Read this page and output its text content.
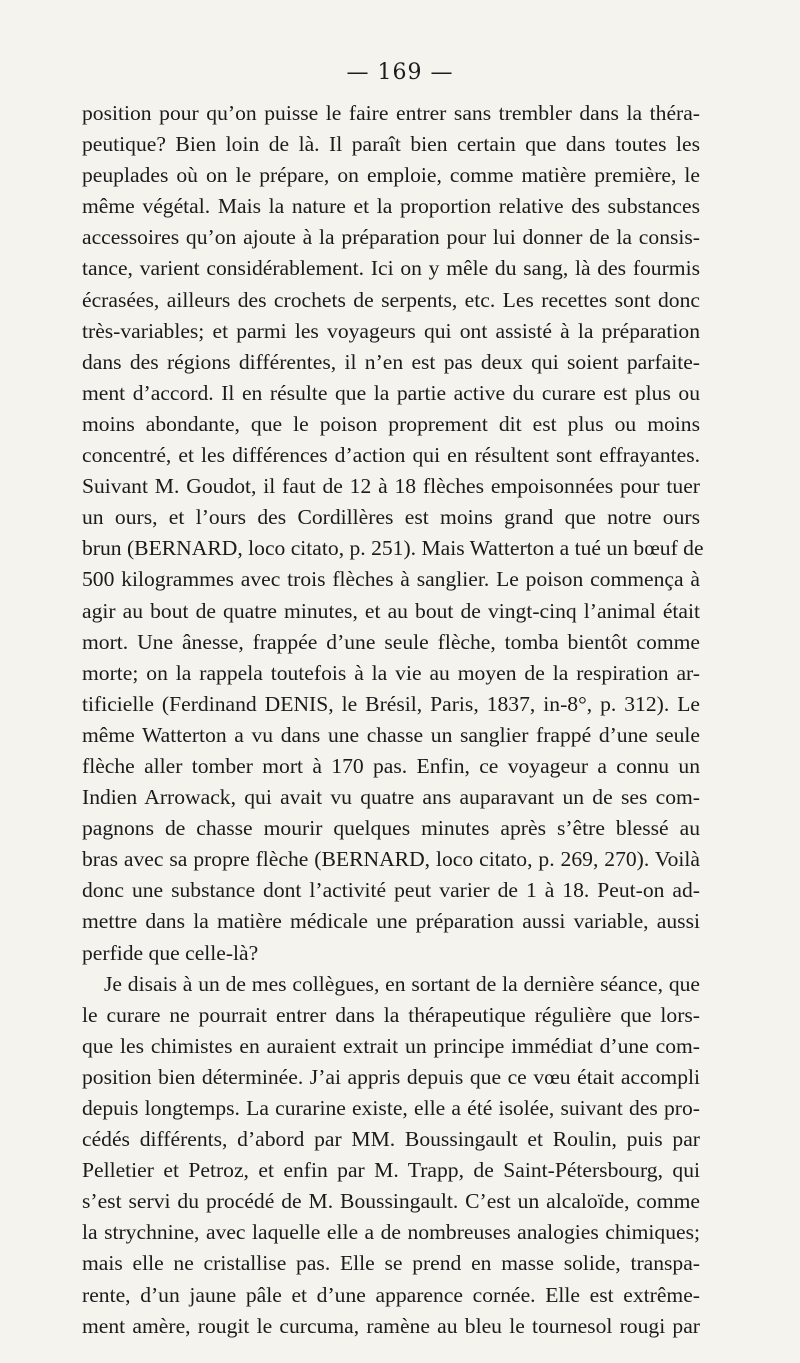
— 169 —
position pour qu’on puisse le faire entrer sans trembler dans la théra-
peutique? Bien loin de là. Il paraît bien certain que dans toutes les
peuplades où on le prépare, on emploie, comme matière première, le
même végétal. Mais la nature et la proportion relative des substances
accessoires qu’on ajoute à la préparation pour lui donner de la consis-
tance, varient considérablement. Ici on y mêle du sang, là des fourmis
écrasées, ailleurs des crochets de serpents, etc. Les recettes sont donc
très-variables; et parmi les voyageurs qui ont assisté à la préparation
dans des régions différentes, il n’en est pas deux qui soient parfaite-
ment d’accord. Il en résulte que la partie active du curare est plus ou
moins abondante, que le poison proprement dit est plus ou moins
concentré, et les différences d’action qui en résultent sont effrayantes.
Suivant M. Goudot, il faut de 12 à 18 flèches empoisonnées pour tuer
un ours, et l’ours des Cordillères est moins grand que notre ours
brun (BERNARD, loco citato, p. 251). Mais Watterton a tué un bœuf de
500 kilogrammes avec trois flèches à sanglier. Le poison commença à
agir au bout de quatre minutes, et au bout de vingt-cinq l’animal était
mort. Une ânesse, frappée d’une seule flèche, tomba bientôt comme
morte; on la rappela toutefois à la vie au moyen de la respiration ar-
tificielle (Ferdinand DENIS, le Brésil, Paris, 1837, in-8°, p. 312). Le
même Watterton a vu dans une chasse un sanglier frappé d’une seule
flèche aller tomber mort à 170 pas. Enfin, ce voyageur a connu un
Indien Arrowack, qui avait vu quatre ans auparavant un de ses com-
pagnons de chasse mourir quelques minutes après s’être blessé au
bras avec sa propre flèche (BERNARD, loco citato, p. 269, 270). Voilà
donc une substance dont l’activité peut varier de 1 à 18. Peut-on ad-
mettre dans la matière médicale une préparation aussi variable, aussi
perfide que celle-là?
Je disais à un de mes collègues, en sortant de la dernière séance, que
le curare ne pourrait entrer dans la thérapeutique régulière que lors-
que les chimistes en auraient extrait un principe immédiat d’une com-
position bien déterminée. J’ai appris depuis que ce vœu était accompli
depuis longtemps. La curarine existe, elle a été isolée, suivant des pro-
cédés différents, d’abord par MM. Boussingault et Roulin, puis par
Pelletier et Petroz, et enfin par M. Trapp, de Saint-Pétersbourg, qui
s’est servi du procédé de M. Boussingault. C’est un alcaloïde, comme
la strychnine, avec laquelle elle a de nombreuses analogies chimiques;
mais elle ne cristallise pas. Elle se prend en masse solide, transpa-
rente, d’un jaune pâle et d’une apparence cornée. Elle est extrême-
ment amère, rougit le curcuma, ramène au bleu le tournesol rougi par
